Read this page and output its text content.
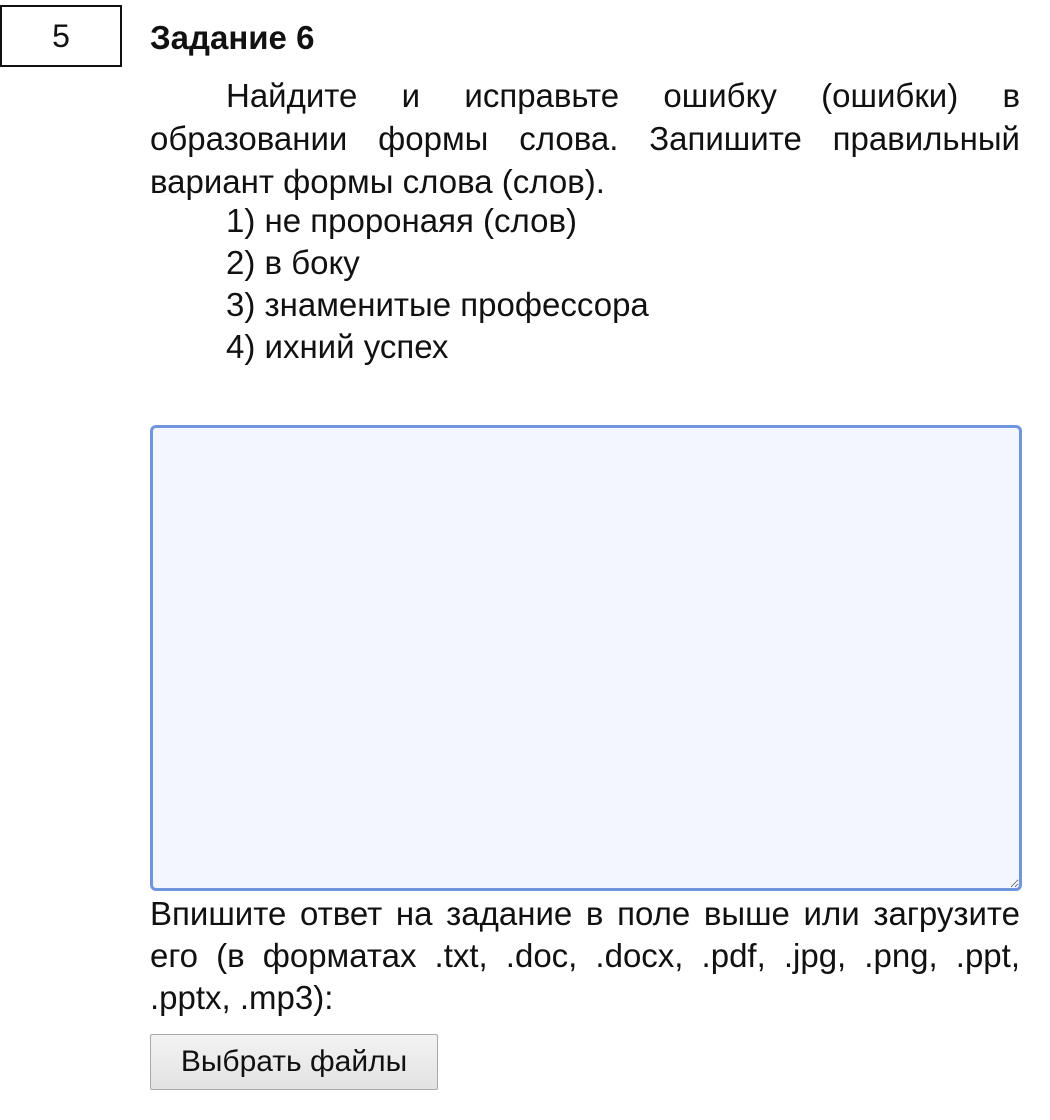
5 Задание 6

Найдите и исправьте ошибку (ошибки) в образовании формы слова. Запишите правильный вариант формы слова (слов).

1) не проронаяя (слов)
2) в боку
3) знаменитые профессора
4) ихний успех

Впишите ответ на задание в поле выше или загрузите его (в форматах .txt, .doc, .docx, .pdf, .jpg, .png, .ppt, .pptx, .mp3):

Выбрать файлы
